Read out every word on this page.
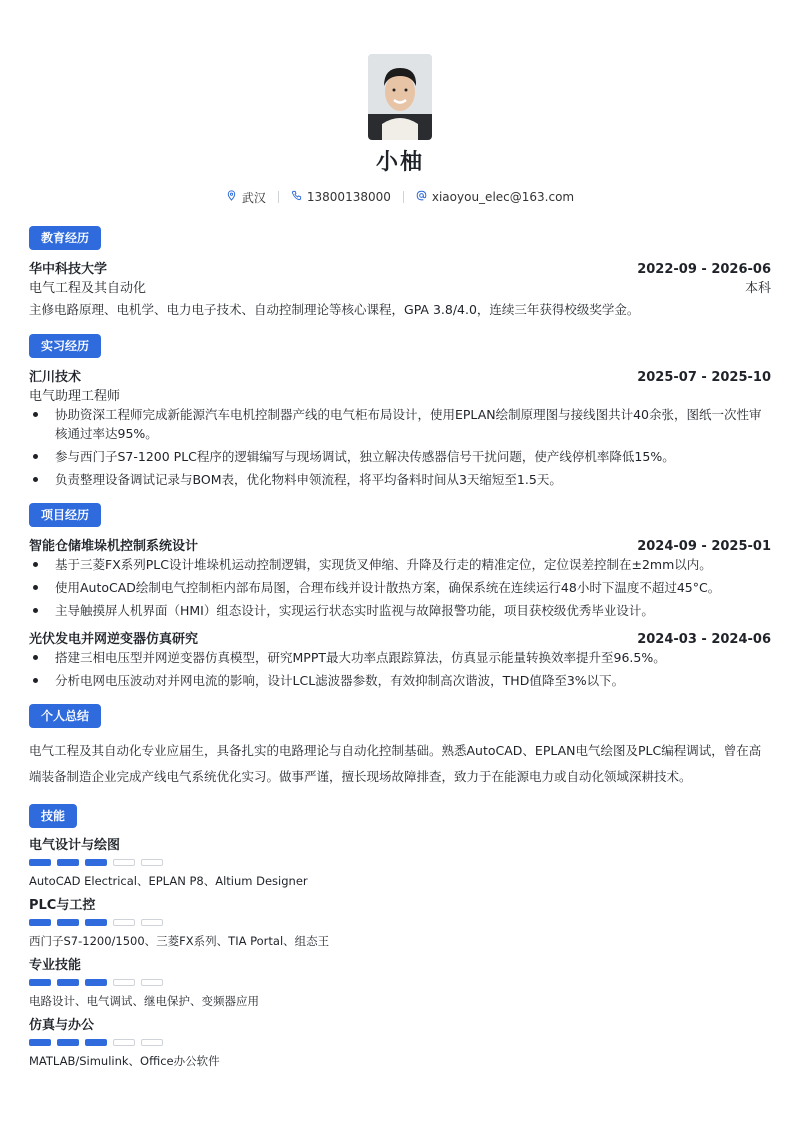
小柚
武汉	13800138000	xiaoyou_elec@163.com
教育经历
华中科技大学	2022-09 - 2026-06
电气工程及其自动化	本科
主修电路原理、电机学、电力电子技术、自动控制理论等核心课程，GPA 3.8/4.0，连续三年获得校级奖学金。
实习经历
汇川技术	2025-07 - 2025-10
电气助理工程师
协助资深工程师完成新能源汽车电机控制器产线的电气柜布局设计，使用EPLAN绘制原理图与接线图共计40余张，图纸一次性审核通过率达95%。
参与西门子S7-1200 PLC程序的逻辑编写与现场调试，独立解决传感器信号干扰问题，使产线停机率降低15%。
负责整理设备调试记录与BOM表，优化物料申领流程，将平均备料时间从3天缩短至1.5天。
项目经历
智能仓储堆垛机控制系统设计	2024-09 - 2025-01
基于三菱FX系列PLC设计堆垛机运动控制逻辑，实现货叉伸缩、升降及行走的精准定位，定位误差控制在±2mm以内。
使用AutoCAD绘制电气控制柜内部布局图，合理布线并设计散热方案，确保系统在连续运行48小时下温度不超过45°C。
主导触摸屏人机界面（HMI）组态设计，实现运行状态实时监视与故障报警功能，项目获校级优秀毕业设计。
光伏发电并网逆变器仿真研究	2024-03 - 2024-06
搭建三相电压型并网逆变器仿真模型，研究MPPT最大功率点跟踪算法，仿真显示能量转换效率提升至96.5%。
分析电网电压波动对并网电流的影响，设计LCL滤波器参数，有效抑制高次谐波，THD值降至3%以下。
个人总结
电气工程及其自动化专业应届生，具备扎实的电路理论与自动化控制基础。熟悉AutoCAD、EPLAN电气绘图及PLC编程调试，曾在高端装备制造企业完成产线电气系统优化实习。做事严谨，擅长现场故障排查，致力于在能源电力或自动化领域深耕技术。
技能
电气设计与绘图
AutoCAD Electrical、EPLAN P8、Altium Designer
PLC与工控
西门子S7-1200/1500、三菱FX系列、TIA Portal、组态王
专业技能
电路设计、电气调试、继电保护、变频器应用
仿真与办公
MATLAB/Simulink、Office办公软件
